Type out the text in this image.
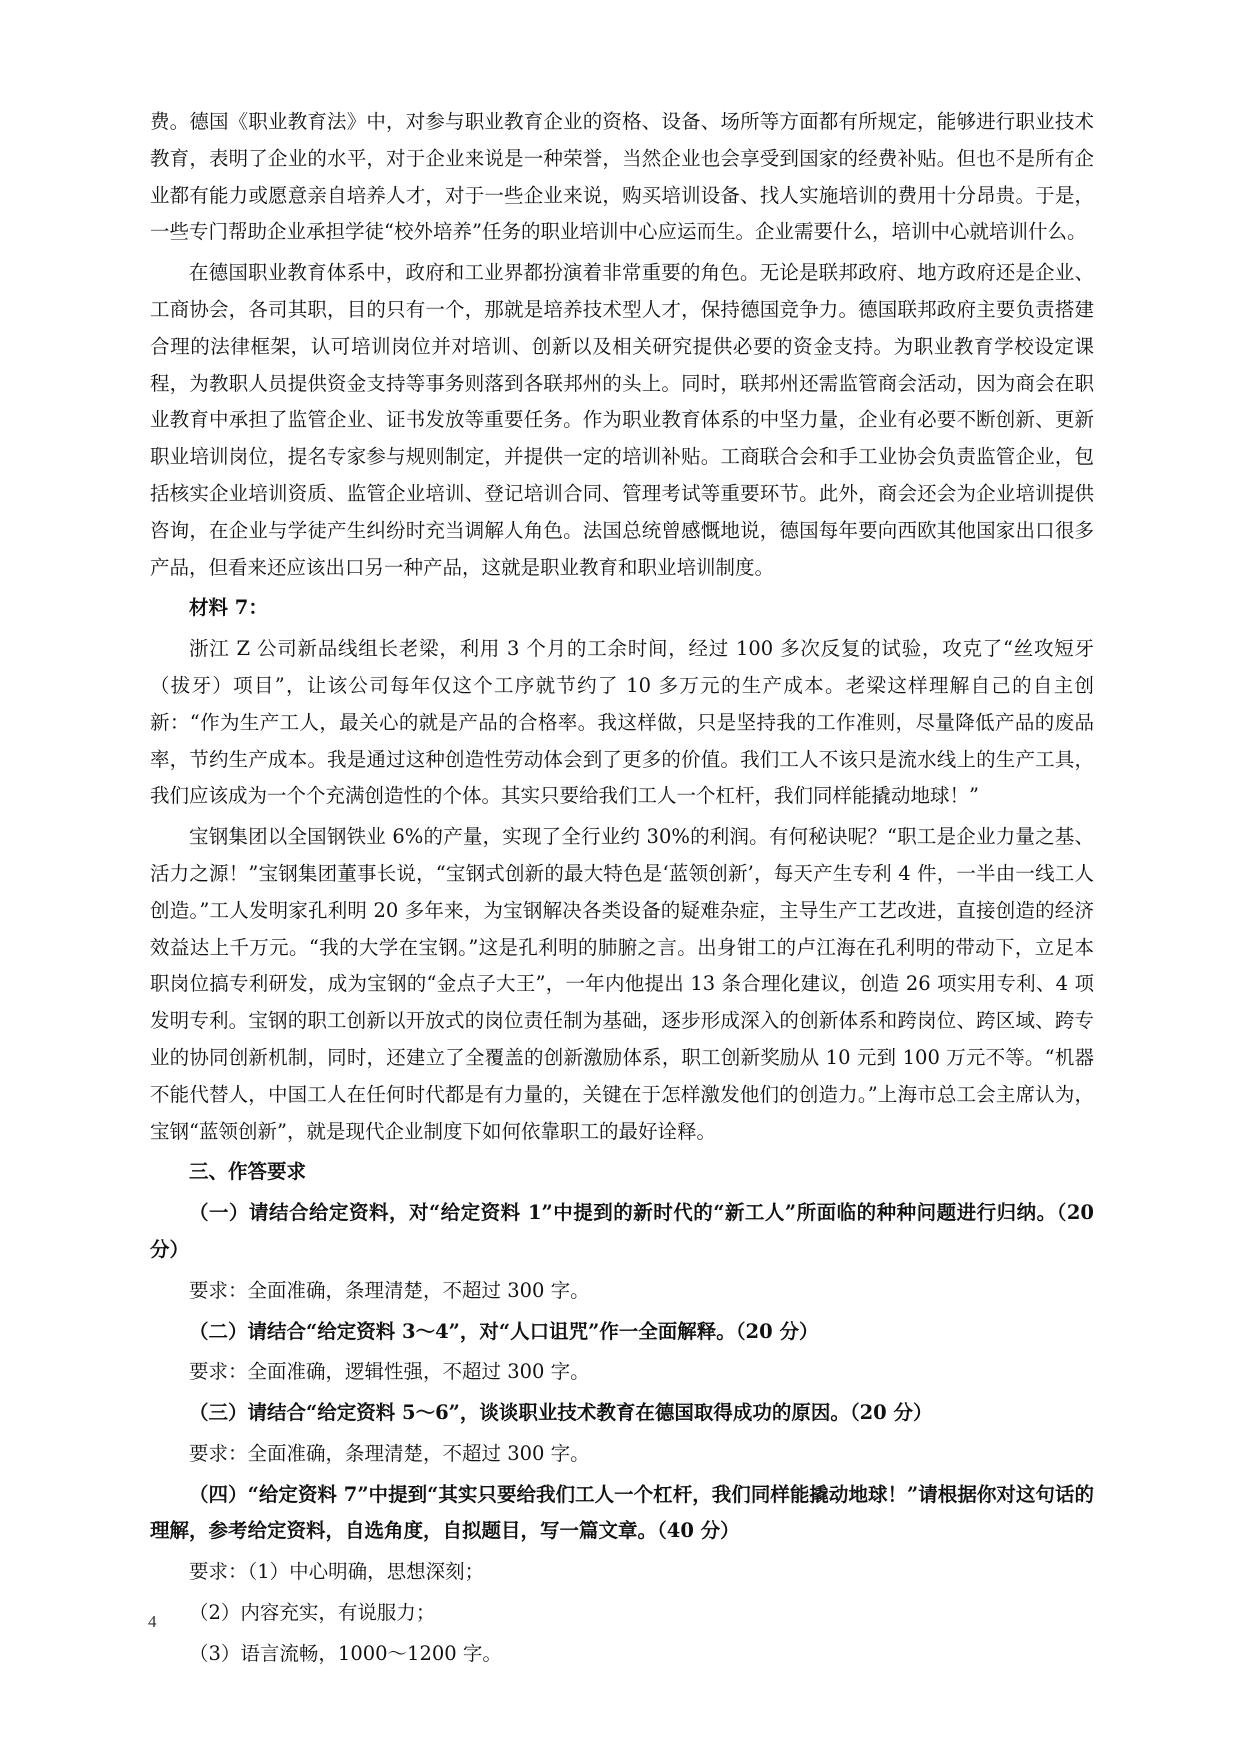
费。德国《职业教育法》中，对参与职业教育企业的资格、设备、场所等方面都有所规定，能够进行职业技术教育，表明了企业的水平，对于企业来说是一种荣誉，当然企业也会享受到国家的经费补贴。但也不是所有企业都有能力或愿意亲自培养人才，对于一些企业来说，购买培训设备、找人实施培训的费用十分昂贵。于是，一些专门帮助企业承担学徒“校外培养”任务的职业培训中心应运而生。企业需要什么，培训中心就培训什么。

在德国职业教育体系中，政府和工业界都扮演着非常重要的角色。无论是联邦政府、地方政府还是企业、工商协会，各司其职，目的只有一个，那就是培养技术型人才，保持德国竞争力。德国联邦政府主要负责搭建合理的法律框架，认可培训岗位并对培训、创新以及相关研究提供必要的资金支持。为职业教育学校设定课程，为教职人员提供资金支持等事务则落到各联邦州的头上。同时，联邦州还需监管商会活动，因为商会在职业教育中承担了监管企业、证书发放等重要任务。作为职业教育体系的中坚力量，企业有必要不断创新、更新职业培训岗位，提名专家参与规则制定，并提供一定的培训补贴。工商联合会和手工业协会负责监管企业，包括核实企业培训资质、监管企业培训、登记培训合同、管理考试等重要环节。此外，商会还会为企业培训提供咨询，在企业与学徒产生纠纷时充当调解人角色。法国总统曾感慨地说，德国每年要向西欧其他国家出口很多产品，但看来还应该出口另一种产品，这就是职业教育和职业培训制度。

材料 7：

浙江 Z 公司新品线组长老梁，利用 3 个月的工余时间，经过 100 多次反复的试验，攻克了“丝攻短牙（拔牙）项目”，让该公司每年仅这个工序就节约了 10 多万元的生产成本。老梁这样理解自己的自主创新：“作为生产工人，最关心的就是产品的合格率。我这样做，只是坚持我的工作准则，尽量降低产品的废品率，节约生产成本。我是通过这种创造性劳动体会到了更多的价值。我们工人不该只是流水线上的生产工具，我们应该成为一个个充满创造性的个体。其实只要给我们工人一个杠杆，我们同样能撬动地球！”

宝钢集团以全国钢铁业 6%的产量，实现了全行业约 30%的利润。有何秘诀呢？“职工是企业力量之基、活力之源！”宝钢集团董事长说，“宝钢式创新的最大特色是‘蓝领创新’，每天产生专利 4 件，一半由一线工人创造。”工人发明家孔利明 20 多年来，为宝钢解决各类设备的疑难杂症，主导生产工艺改进，直接创造的经济效益达上千万元。“我的大学在宝钢。”这是孔利明的肺腑之言。出身钳工的卢江海在孔利明的带动下，立足本职岗位搞专利研发，成为宝钢的“金点子大王”，一年内他提出 13 条合理化建议，创造 26 项实用专利、4 项发明专利。宝钢的职工创新以开放式的岗位责任制为基础，逐步形成深入的创新体系和跨岗位、跨区域、跨专业的协同创新机制，同时，还建立了全覆盖的创新激励体系，职工创新奖励从 10 元到 100 万元不等。“机器不能代替人，中国工人在任何时代都是有力量的，关键在于怎样激发他们的创造力。”上海市总工会主席认为，宝钢“蓝领创新”，就是现代企业制度下如何依靠职工的最好诠释。

三、作答要求

（一）请结合给定资料，对“给定资料 1”中提到的新时代的“新工人”所面临的种种问题进行归纳。（20 分）

要求：全面准确，条理清楚，不超过 300 字。

（二）请结合“给定资料 3～4”，对“人口诅咒”作一全面解释。（20 分）

要求：全面准确，逻辑性强，不超过 300 字。

（三）请结合“给定资料 5～6”，谈谈职业技术教育在德国取得成功的原因。（20 分）

要求：全面准确，条理清楚，不超过 300 字。

（四）“给定资料 7”中提到“其实只要给我们工人一个杠杆，我们同样能撬动地球！”请根据你对这句话的理解，参考给定资料，自选角度，自拟题目，写一篇文章。（40 分）

要求：（1）中心明确，思想深刻；

（2）内容充实，有说服力；

（3）语言流畅，1000～1200 字。

4
